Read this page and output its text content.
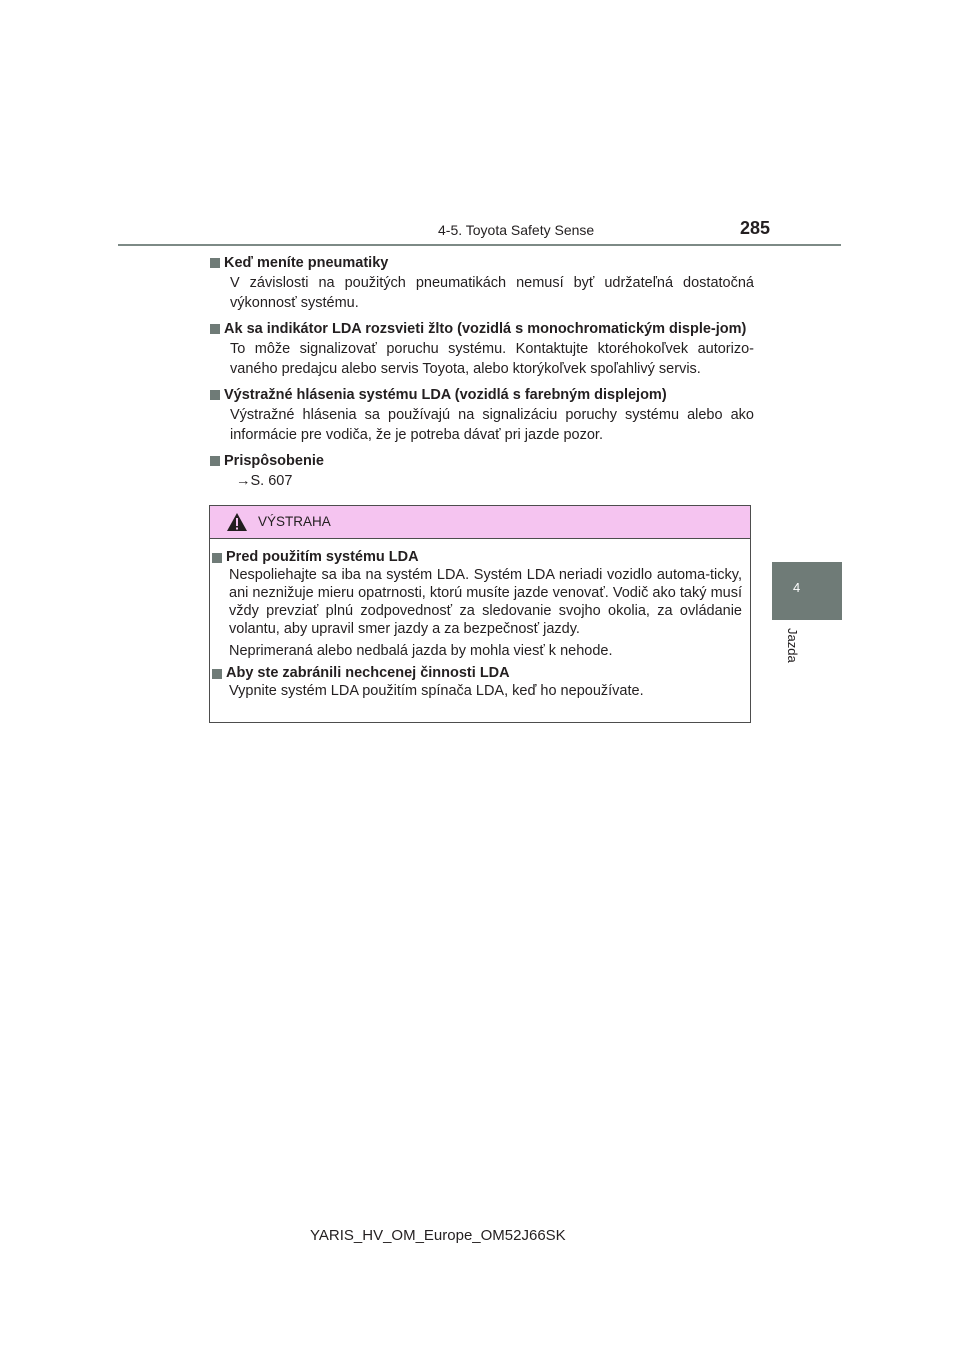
4-5. Toyota Safety Sense	285
4
Jazda
Keď meníte pneumatiky
V závislosti na použitých pneumatikách nemusí byť udržateľná dostatočná výkonnosť systému.
Ak sa indikátor LDA rozsvieti žlto (vozidlá s monochromatickým disple-jom)
To môže signalizovať poruchu systému. Kontaktujte ktoréhokoľvek autorizo-vaného predajcu alebo servis Toyota, alebo ktorýkoľvek spoľahlivý servis.
Výstražné hlásenia systému LDA (vozidlá s farebným displejom)
Výstražné hlásenia sa používajú na signalizáciu poruchy systému alebo ako informácie pre vodiča, že je potreba dávať pri jazde pozor.
Prispôsobenie
→S. 607
VÝSTRAHA
Pred použitím systému LDA
Nespoliehajte sa iba na systém LDA. Systém LDA neriadi vozidlo automa-ticky, ani neznižuje mieru opatrnosti, ktorú musíte jazde venovať. Vodič ako taký musí vždy prevziať plnú zodpovednosť za sledovanie svojho okolia, za ovládanie volantu, aby upravil smer jazdy a za bezpečnosť jazdy.
Neprimeraná alebo nedbalá jazda by mohla viesť k nehode.
Aby ste zabránili nechcenej činnosti LDA
Vypnite systém LDA použitím spínača LDA, keď ho nepoužívate.
YARIS_HV_OM_Europe_OM52J66SK
